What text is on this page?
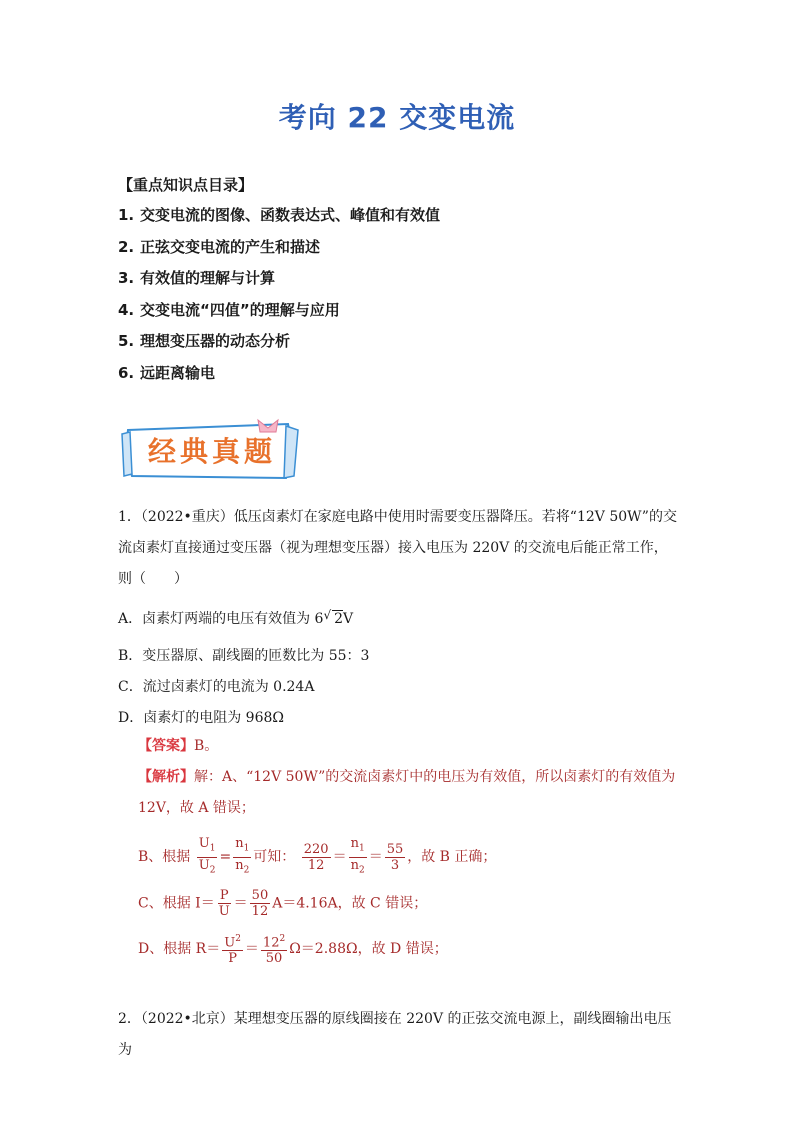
考向 22 交变电流
【重点知识点目录】
1. 交变电流的图像、函数表达式、峰值和有效值
2. 正弦交变电流的产生和描述
3. 有效值的理解与计算
4. 交变电流“四值”的理解与应用
5. 理想变压器的动态分析
6. 远距离输电
经典真题
1．（2022•重庆）低压卤素灯在家庭电路中使用时需要变压器降压。若将“12V 50W”的交流卤素灯直接通过变压器（视为理想变压器）接入电压为 220V 的交流电后能正常工作，则（　　）
A．卤素灯两端的电压有效值为 6√ 2V
B．变压器原、副线圈的匝数比为 55：3
C．流过卤素灯的电流为 0.24A
D．卤素灯的电阻为 968Ω
【答案】B。
【解析】解：A、“12V 50W”的交流卤素灯中的电压为有效值，所以卤素灯的有效值为 12V，故 A 错误；
B、根据 $\frac{U_1}{U_2} = \frac{n_1}{n_2}$ 可知： $\frac{220}{12} = \frac{n_1}{n_2} = \frac{55}{3}$ ，故 B 正确；
C、根据 $I= \frac{P}{U} = \frac{50}{12} A=4.16A$，故 C 错误；
D、根据 $R= \frac{U^2}{P} = \frac{12^2}{50} \Omega=2.88\Omega$，故 D 错误；
2．（2022•北京）某理想变压器的原线圈接在 220V 的正弦交流电源上，副线圈输出电压为
